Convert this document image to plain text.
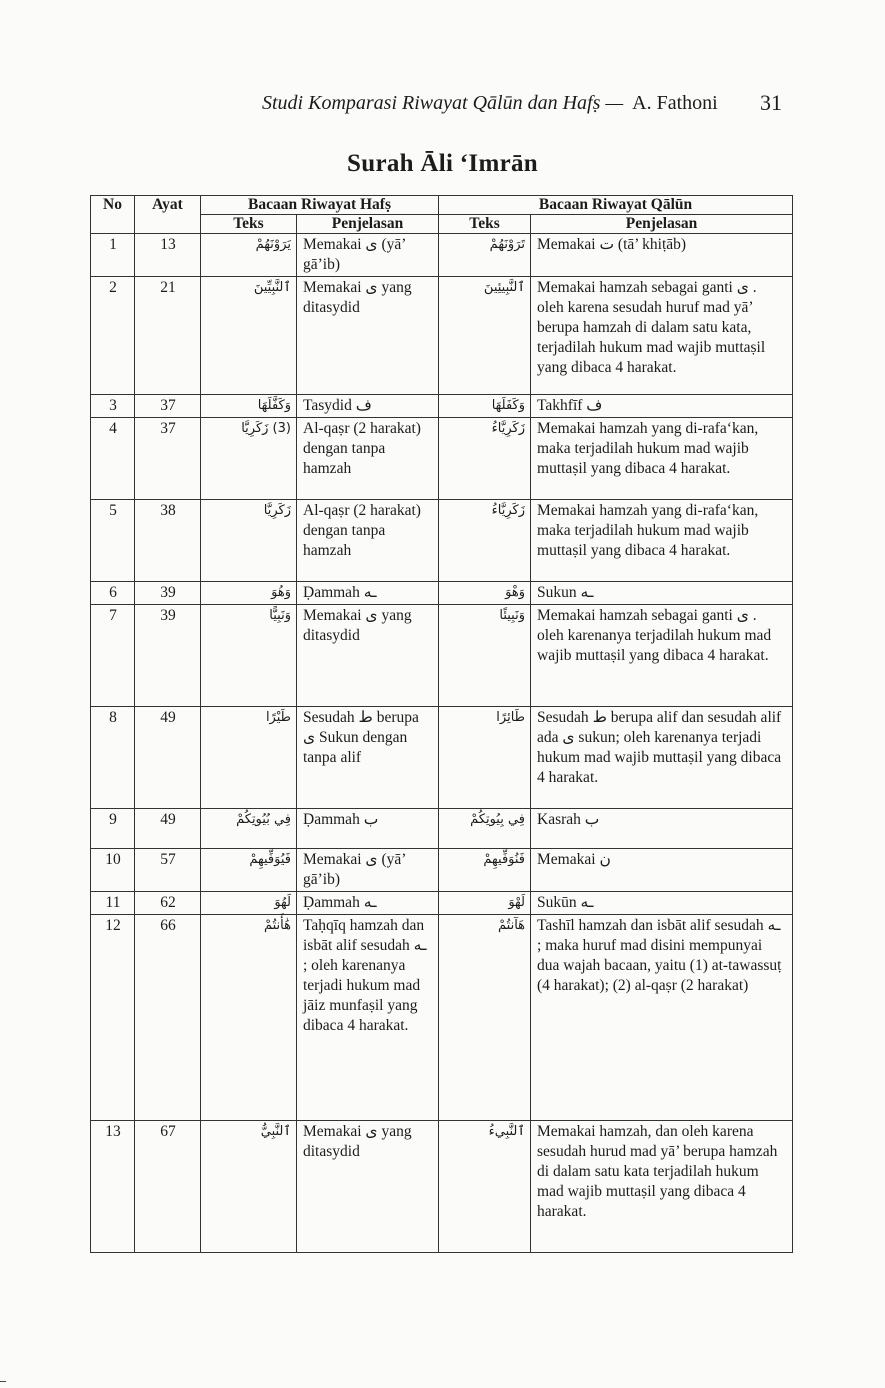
Studi Komparasi Riwayat Qālūn dan Hafṣ — A. Fathoni 31
Surah Āli ‘Imrān
No	Ayat	Bacaan Riwayat Hafṣ		Bacaan Riwayat Qālūn	
		Teks	Penjelasan	Teks	Penjelasan
1	13	يَرَوْنَهُمْ	Memakai ى (yā’ gā’ib)	تَرَوْنَهُمْ	Memakai ت (tā’ khiṭāb)
2	21	ٱلنَّبِيِّينَ	Memakai ى yang ditasydid	ٱلنَّبِيئِينَ	Memakai hamzah sebagai ganti ى . oleh karena sesudah huruf mad yā’ berupa hamzah di dalam satu kata, terjadilah hukum mad wajib muttaṣil yang dibaca 4 harakat.
3	37	وَكَفَّلَهَا	Tasydid ف	وَكَفَلَهَا	Takhfīf ف
4	37	(3) زَكَرِيَّا	Al-qaṣr (2 harakat) dengan tanpa hamzah	زَكَرِيَّاءُ	Memakai hamzah yang di-rafa‘kan, maka terjadilah hukum mad wajib muttaṣil yang dibaca 4 harakat.
5	38	زَكَرِيَّا	Al-qaṣr (2 harakat) dengan tanpa hamzah	زَكَرِيَّاءُ	Memakai hamzah yang di-rafa‘kan, maka terjadilah hukum mad wajib muttaṣil yang dibaca 4 harakat.
6	39	وَهُوَ	Ḍammah ـه	وَهْوَ	Sukun ـه
7	39	وَنَبِيًّا	Memakai ى yang ditasydid	وَنَبِيئًا	Memakai hamzah sebagai ganti ى . oleh karenanya terjadilah hukum mad wajib muttaṣil yang dibaca 4 harakat.
8	49	طَيْرًا	Sesudah ط berupa ى Sukun dengan tanpa alif	طَائِرًا	Sesudah ط berupa alif dan sesudah alif ada ى sukun; oleh karenanya terjadi hukum mad wajib muttaṣil yang dibaca 4 harakat.
9	49	فِي بُيُوتِكُمْ	Ḍammah ب	فِي بِيُوتِكُمْ	Kasrah ب
10	57	فَيُوَفِّيهِمْ	Memakai ى (yā’ gā’ib)	فَنُوَفِّيهِمْ	Memakai ن
11	62	لَهُوَ	Ḍammah ـه	لَهْوَ	Sukūn ـه
12	66	هَٰأَنتُمْ	Taḥqīq hamzah dan isbāt alif sesudah ـه ; oleh karenanya terjadi hukum mad jāiz munfaṣil yang dibaca 4 harakat.	هَآنتُمْ	Tashīl hamzah dan isbāt alif sesudah ـه ; maka huruf mad disini mempunyai dua wajah bacaan, yaitu (1) at-tawassuṭ (4 harakat); (2) al-qaṣr (2 harakat)
13	67	ٱلنَّبِيُّ	Memakai ى yang ditasydid	ٱلنَّبِيءُ	Memakai hamzah, dan oleh karena sesudah hurud mad yā’ berupa hamzah di dalam satu kata terjadilah hukum mad wajib muttaṣil yang dibaca 4 harakat.
